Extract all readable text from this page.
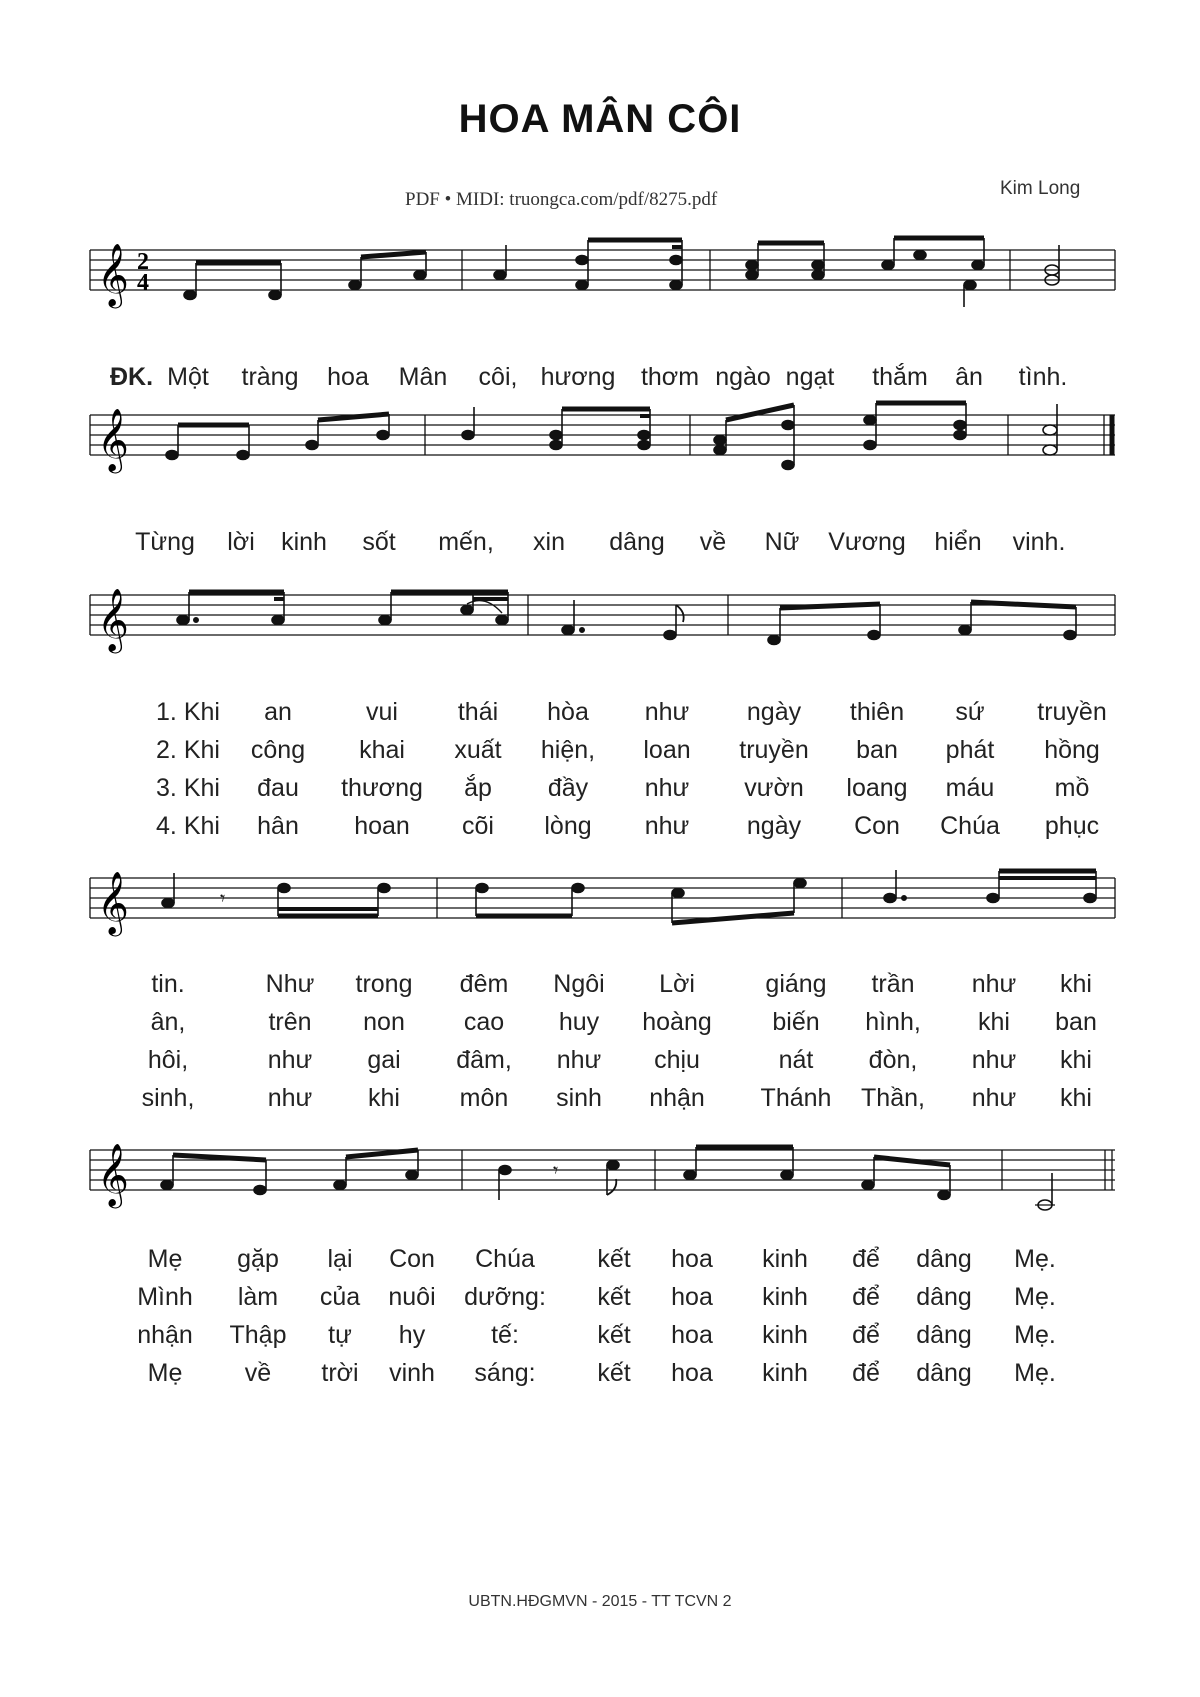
HOA MÂN CÔI
PDF • MIDI: truongca.com/pdf/8275.pdf
Kim Long
𝄞 2
4
ĐK. Một tràng hoa Mân côi, hương thơm ngào ngạt thắm ân tình.
𝄞
Từng lời kinh sốt mến, xin dâng về Nữ Vương hiển vinh.
𝄞
1. Khi an	vui thái hòa như ngày thiên sứ truyền
2. Khi công khai xuất hiện, loan truyền ban phát hồng
3. Khi đau thương ắp đầy như vườn loang máu mồ
4. Khi hân hoan cõi lòng như ngày Con Chúa phục
𝄞	𝄾
tin.	Như trong đêm Ngôi Lời	giáng trần như khi
ân,	trên non cao huy hoàng biến hình, khi ban
hôi,	như gai đâm, như chịu	nát đòn, như khi
sinh,	như khi môn sinh nhận Thánh Thần, như khi
𝄞	𝄾
Mẹ gặp lại Con Chúa kết hoa kinh để dâng Mẹ.
Mình làm của nuôi dưỡng: kết hoa kinh để dâng Mẹ.
nhận Thập tự hy	tế:	kết hoa kinh để dâng Mẹ.
Mẹ về trời vinh sáng: kết hoa kinh để dâng Mẹ.
UBTN.HĐGMVN - 2015 - TT TCVN 2
